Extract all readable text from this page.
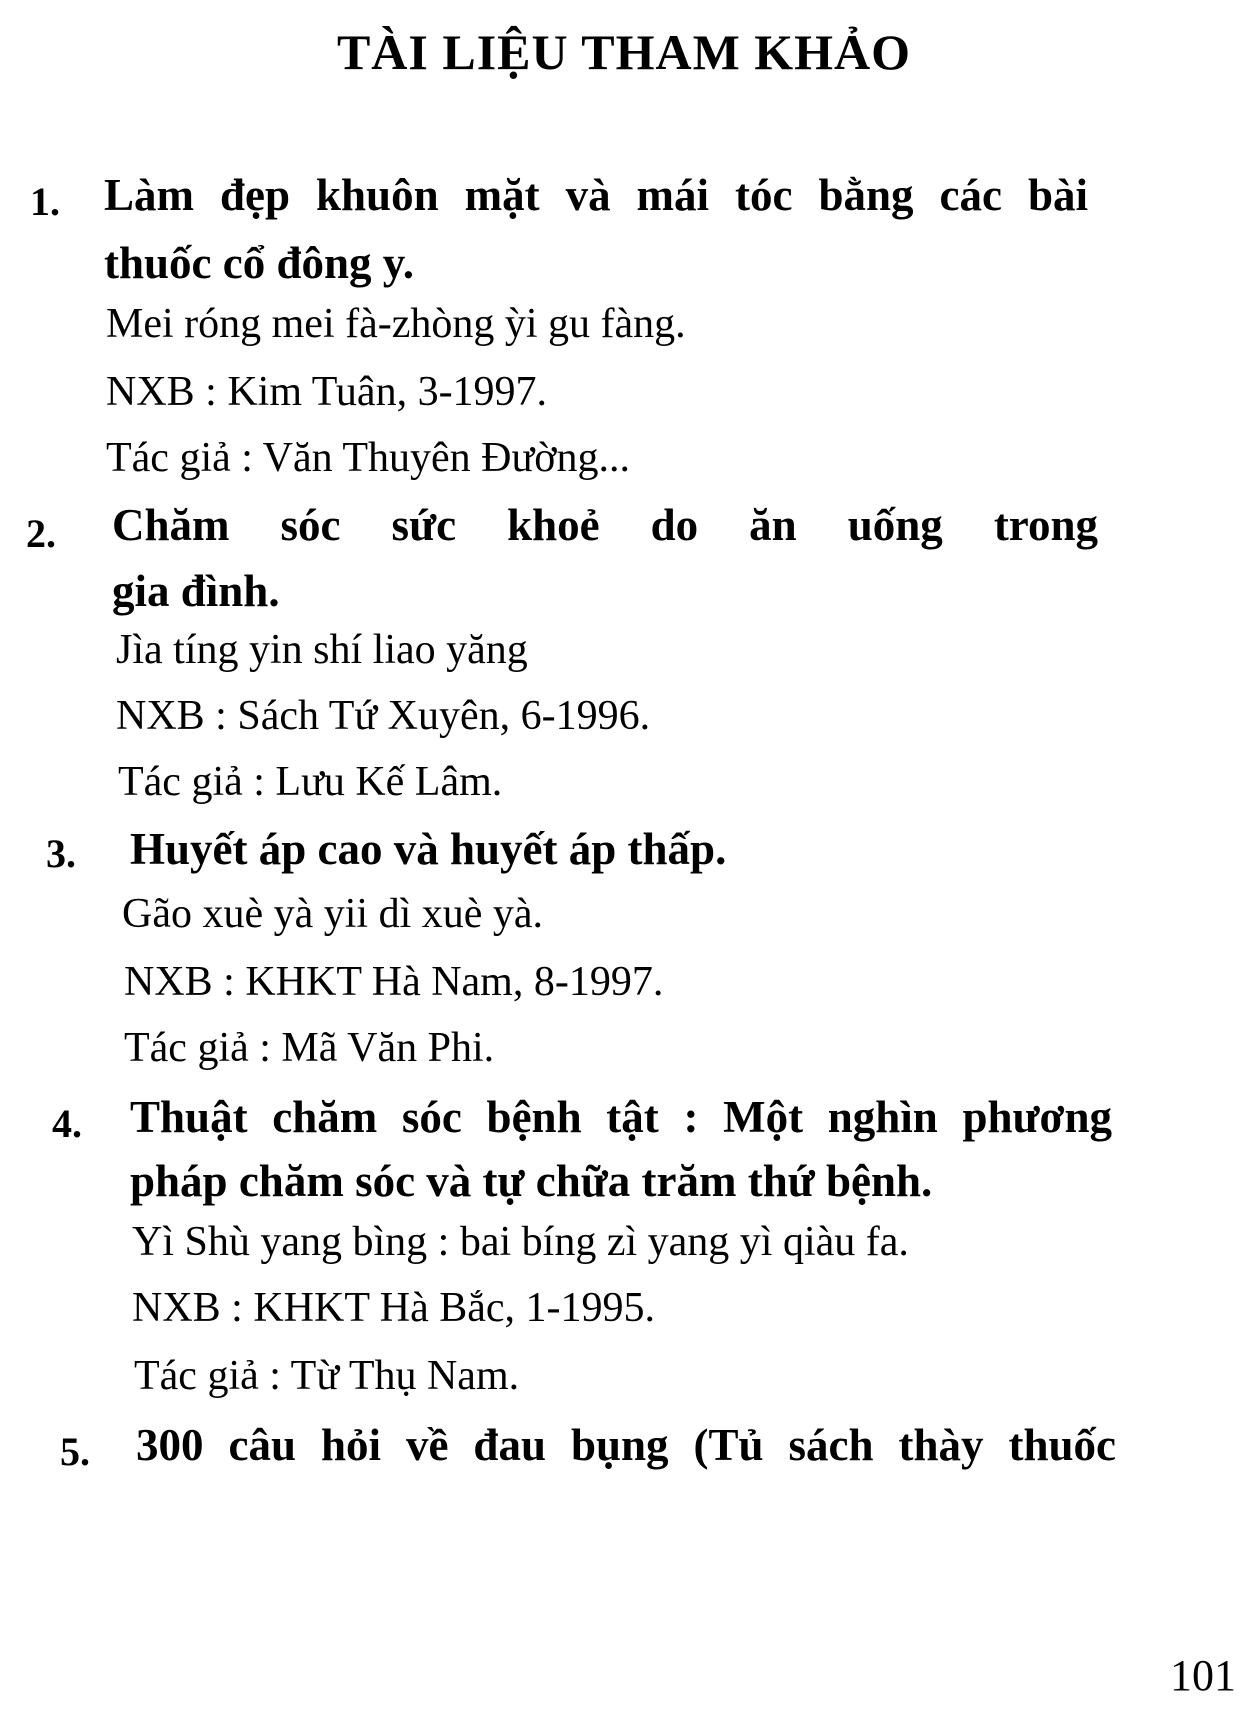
TÀI LIỆU THAM KHẢO
1. Làm đẹp khuôn mặt và mái tóc bằng các bài
thuốc cổ đông y.
Mei róng mei fà-zhòng ỳi gu fàng.
NXB : Kim Tuân, 3-1997.
Tác giả : Văn Thuyên Đường...
2. Chăm sóc sức khoẻ do ăn uống trong
gia đình.
Jìa tíng yin shí liao yăng
NXB : Sách Tứ Xuyên, 6-1996.
Tác giả : Lưu Kế Lâm.
3. Huyết áp cao và huyết áp thấp.
Gão xuè yà yii dì xuè yà.
NXB : KHKT Hà Nam, 8-1997.
Tác giả : Mã Văn Phi.
4. Thuật chăm sóc bệnh tật : Một nghìn phương
pháp chăm sóc và tự chữa trăm thứ bệnh.
Yì Shù yang bìng : bai bíng zì yang yì qiàu fa.
NXB : KHKT Hà Bắc, 1-1995.
Tác giả : Từ Thụ Nam.
5. 300 câu hỏi về đau bụng (Tủ sách thày thuốc
101
